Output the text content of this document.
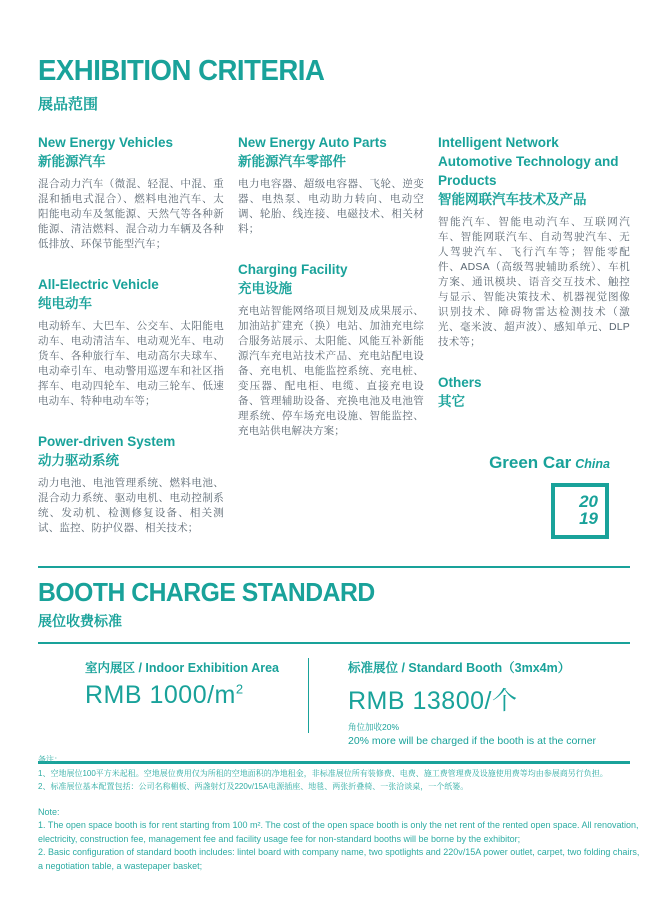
EXHIBITION CRITERIA
展品范围
New Energy Vehicles
新能源汽车

混合动力汽车（微混、轻混、中混、重混和插电式混合）、燃料电池汽车、太阳能电动车及氢能源、天然气等各种新能源、清洁燃料、混合动力车辆及各种低排放、环保节能型汽车；

All-Electric Vehicle
纯电动车

电动轿车、大巴车、公交车、太阳能电动车、电动清洁车、电动观光车、电动货车、各种旅行车、电动高尔夫球车、电动牵引车、电动警用巡逻车和社区指挥车、电动四轮车、电动三轮车、低速电动车、特种电动车等；

Power-driven System
动力驱动系统

动力电池、电池管理系统、燃料电池、混合动力系统、驱动电机、电动控制系统、发动机、检测修复设备、相关测试、监控、防护仪器、相关技术；

New Energy Auto Parts
新能源汽车零部件

电力电容器、超级电容器、飞轮、逆变器、电热泵、电动助力转向、电动空调、轮胎、线连接、电磁技术、相关材料；

Charging Facility
充电设施

充电站智能网络项目规划及成果展示、加油站扩建充（换）电站、加油充电综合服务站展示、太阳能、风能互补新能源汽车充电站技术产品、充电站配电设备、充电机、电能监控系统、充电桩、变压器、配电柜、电缆、直接充电设备、管理辅助设备、充换电池及电池管理系统、停车场充电设施、智能监控、充电站供电解决方案；

Intelligent Network Automotive Technology and Products
智能网联汽车技术及产品

智能汽车、智能电动汽车、互联网汽车、智能网联汽车、自动驾驶汽车、无人驾驶汽车、飞行汽车等；智能零配件、ADSA（高级驾驶辅助系统）、车机方案、通讯模块、语音交互技术、触控与显示、智能决策技术、机器视觉图像识别技术、障碍物雷达检测技术（激光、毫米波、超声波）、感知单元、DLP技术等；

Others
其它
Green Car China
20
19
BOOTH CHARGE STANDARD
展位收费标准
室内展区 / Indoor Exhibition Area
RMB $1000/m^2$
标准展位 / Standard Booth（3mx4m）
RMB 13800/个
角位加收20%
20% more will be charged if the booth is at the corner
备注：
1、空地展位100平方米起租。空地展位费用仅为所租的空地面积的净地租金，非标准展位所有装修费、电费、施工费管理费及设施使用费等均由参展商另行负担。
2、标准展位基本配置包括：公司名称楣板、两盏射灯及220v/15A电源插座、地毯、两张折叠椅、一张洽谈桌，一个纸篓。
Note:
1. The open space booth is for rent starting from 100 m². The cost of the open space booth is only the net rent of the rented open space. All renovation, electricity, construction fee, management fee and facility usage fee for non-standard booths will be borne by the exhibitor;
2. Basic configuration of standard booth includes: lintel board with company name, two spotlights and 220v/15A power outlet, carpet, two folding chairs, a negotiation table, a wastepaper basket;
